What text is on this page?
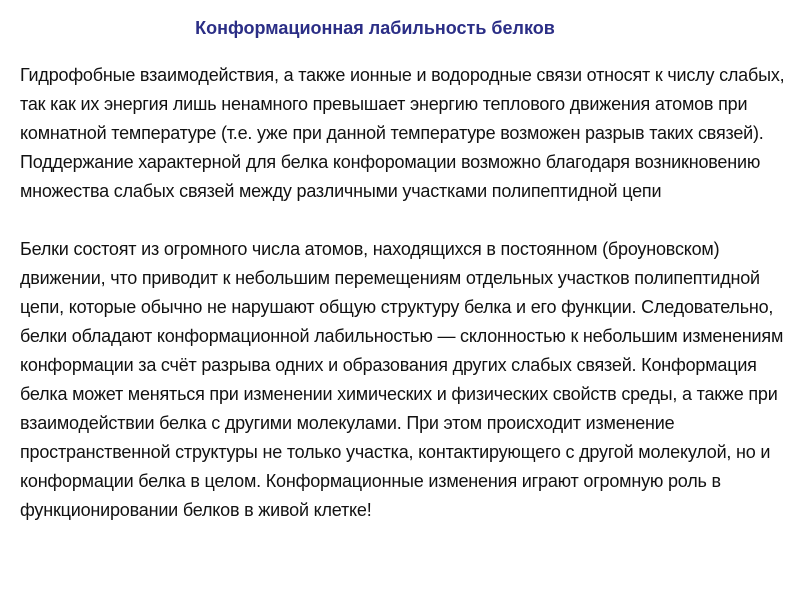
Конформационная лабильность белков

Гидрофобные взаимодействия, а также ионные и водородные связи относят к числу слабых, так как их энергия лишь ненамного превышает энергию теплового движения атомов при комнатной температуре (т.е. уже при данной температуре возможен разрыв таких связей). Поддержание характерной для белка конфоромации возможно благодаря возникновению множества слабых связей между различными участками полипептидной цепи

Белки состоят из огромного числа атомов, находящихся в постоянном (броуновском) движении, что приводит к небольшим перемещениям отдельных участков полипептидной цепи, которые обычно не нарушают общую структуру белка и его функции. Следовательно, белки обладают конформационной лабильностью — склонностью к небольшим изменениям конформации за счёт разрыва одних и образования других слабых связей. Конформация белка может меняться при изменении химических и физических свойств среды, а также при взаимодействии белка с другими молекулами. При этом происходит изменение пространственной структуры не только участка, контактирующего с другой молекулой, но и конформации белка в целом. Конформационные изменения играют огромную роль в функционировании белков в живой клетке!
